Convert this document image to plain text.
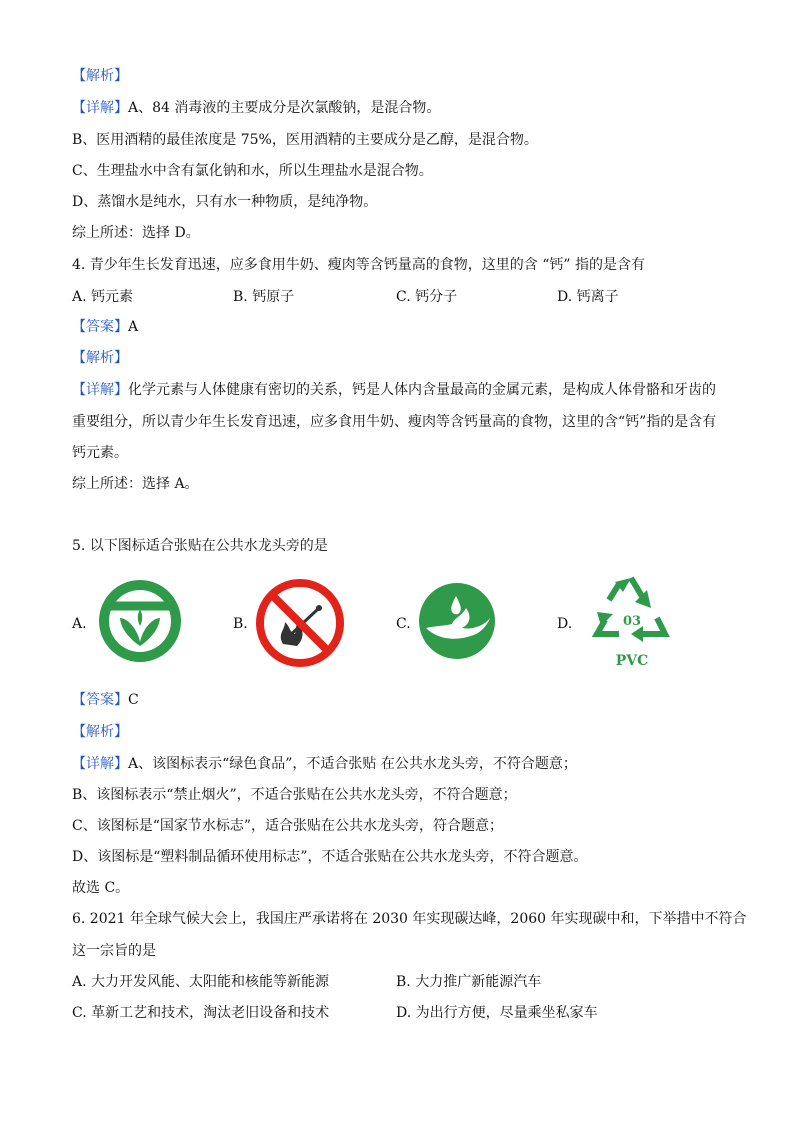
【解析】
【详解】A、84 消毒液的主要成分是次氯酸钠，是混合物。
B、医用酒精的最佳浓度是 75%，医用酒精的主要成分是乙醇，是混合物。
C、生理盐水中含有氯化钠和水，所以生理盐水是混合物。
D、蒸馏水是纯水，只有水一种物质，是纯净物。
综上所述：选择 D。
4. 青少年生长发育迅速，应多食用牛奶、瘦肉等含钙量高的食物，这里的含 “钙” 指的是含有
A. 钙元素	B. 钙原子	C. 钙分子	D. 钙离子
【答案】A
【解析】
【详解】化学元素与人体健康有密切的关系，钙是人体内含量最高的金属元素，是构成人体骨骼和牙齿的
重要组分，所以青少年生长发育迅速，应多食用牛奶、瘦肉等含钙量高的食物，这里的含“钙”指的是含有
钙元素。
综上所述：选择 A。
5. 以下图标适合张贴在公共水龙头旁的是
A.	B.	C.	D.	03
PVC
【答案】C
【解析】
【详解】A、该图标表示“绿色食品”，不适合张贴 在公共水龙头旁，不符合题意；
B、该图标表示“禁止烟火”，不适合张贴在公共水龙头旁，不符合题意；
C、该图标是“国家节水标志”，适合张贴在公共水龙头旁，符合题意；
D、该图标是“塑料制品循环使用标志”，不适合张贴在公共水龙头旁，不符合题意。
故选 C。
6. 2021 年全球气候大会上，我国庄严承诺将在 2030 年实现碳达峰，2060 年实现碳中和，下举措中不符合
这一宗旨的是
A. 大力开发风能、太阳能和核能等新能源	B. 大力推广新能源汽车
C. 革新工艺和技术，淘汰老旧设备和技术	D. 为出行方便，尽量乘坐私家车
